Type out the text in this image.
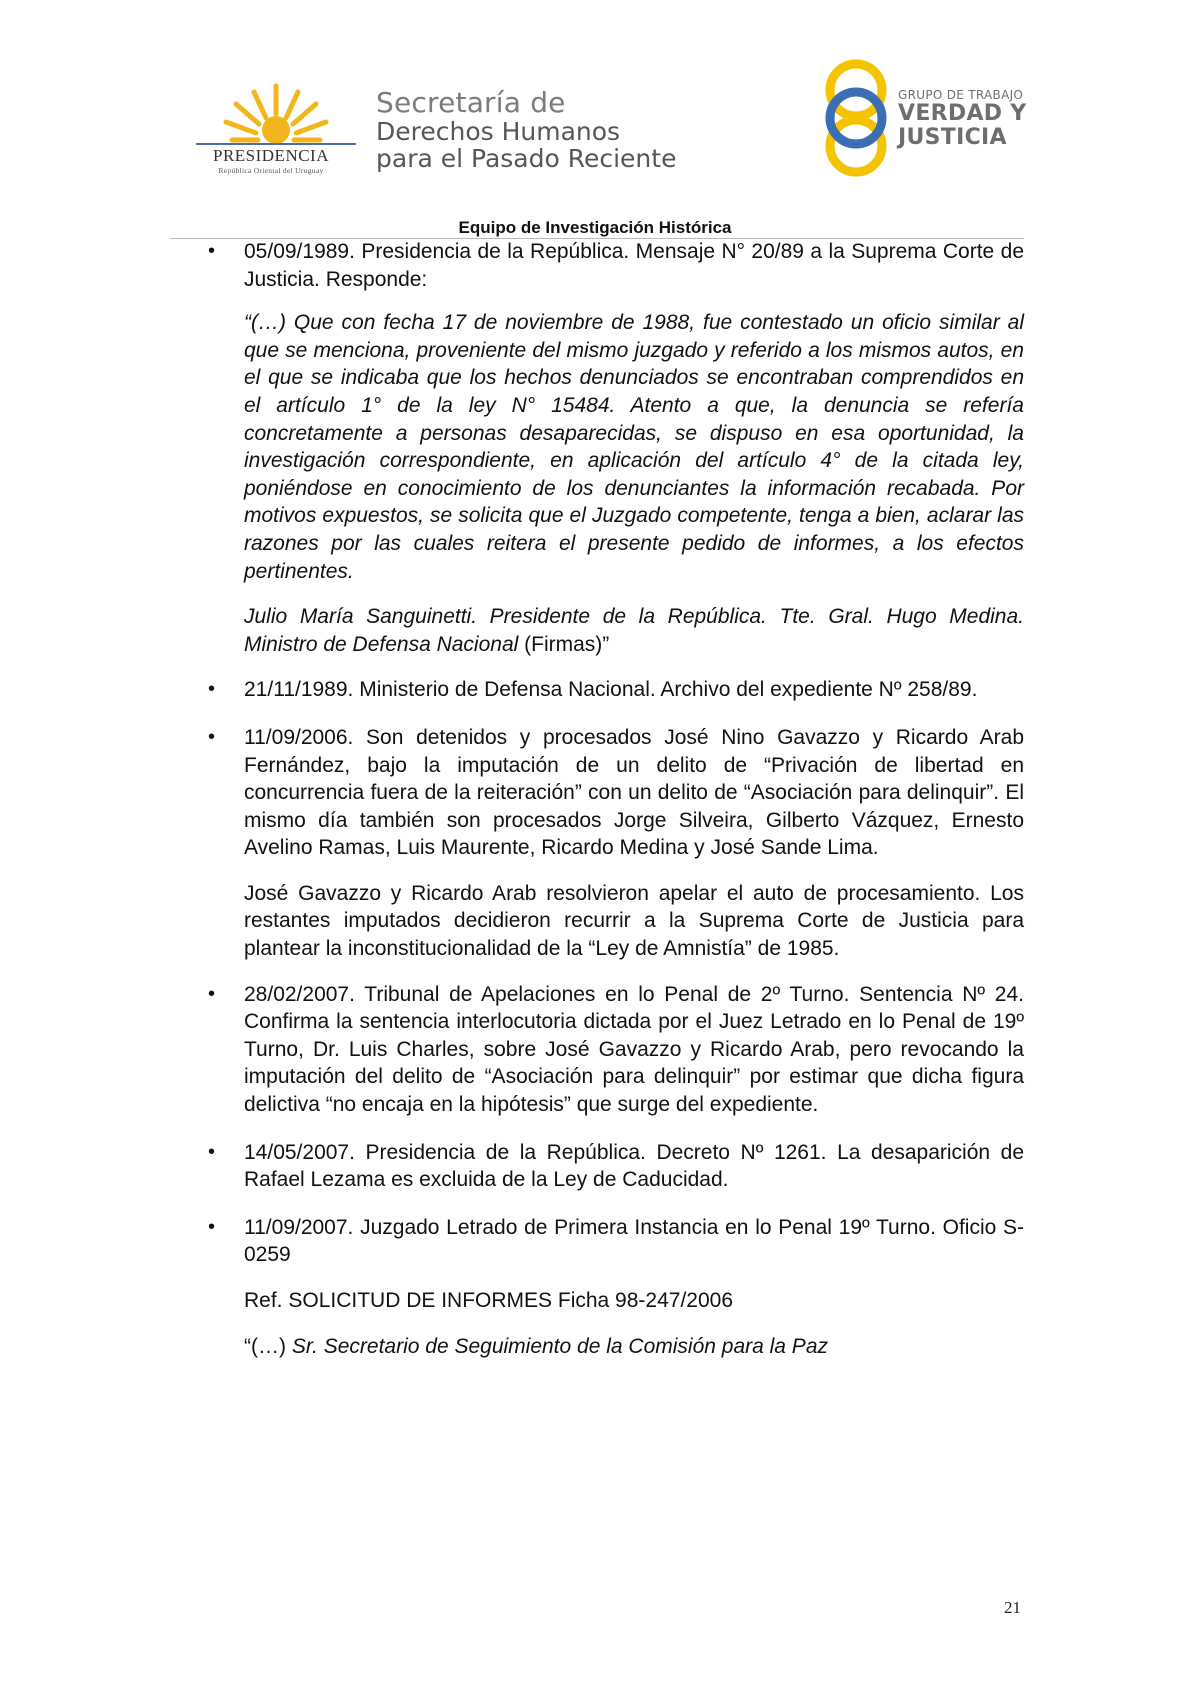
PRESIDENCIA
República Oriental del Uruguay
Secretaría de
Derechos Humanos
para el Pasado Reciente
GRUPO DE TRABAJO
VERDAD Y
JUSTICIA
Equipo de Investigación Histórica

• 05/09/1989. Presidencia de la República. Mensaje N° 20/89 a la Suprema Corte de Justicia. Responde:

“(…) Que con fecha 17 de noviembre de 1988, fue contestado un oficio similar al que se menciona, proveniente del mismo juzgado y referido a los mismos autos, en el que se indicaba que los hechos denunciados se encontraban comprendidos en el artículo 1° de la ley N° 15484. Atento a que, la denuncia se refería concretamente a personas desaparecidas, se dispuso en esa oportunidad, la investigación correspondiente, en aplicación del artículo 4° de la citada ley, poniéndose en conocimiento de los denunciantes la información recabada. Por motivos expuestos, se solicita que el Juzgado competente, tenga a bien, aclarar las razones por las cuales reitera el presente pedido de informes, a los efectos pertinentes.

Julio María Sanguinetti. Presidente de la República. Tte. Gral. Hugo Medina. Ministro de Defensa Nacional (Firmas)”

• 21/11/1989. Ministerio de Defensa Nacional. Archivo del expediente Nº 258/89.

• 11/09/2006. Son detenidos y procesados José Nino Gavazzo y Ricardo Arab Fernández, bajo la imputación de un delito de “Privación de libertad en concurrencia fuera de la reiteración” con un delito de “Asociación para delinquir”. El mismo día también son procesados Jorge Silveira, Gilberto Vázquez, Ernesto Avelino Ramas, Luis Maurente, Ricardo Medina y José Sande Lima.

José Gavazzo y Ricardo Arab resolvieron apelar el auto de procesamiento. Los restantes imputados decidieron recurrir a la Suprema Corte de Justicia para plantear la inconstitucionalidad de la “Ley de Amnistía” de 1985.

• 28/02/2007. Tribunal de Apelaciones en lo Penal de 2º Turno. Sentencia Nº 24. Confirma la sentencia interlocutoria dictada por el Juez Letrado en lo Penal de 19º Turno, Dr. Luis Charles, sobre José Gavazzo y Ricardo Arab, pero revocando la imputación del delito de “Asociación para delinquir” por estimar que dicha figura delictiva “no encaja en la hipótesis” que surge del expediente.

• 14/05/2007. Presidencia de la República. Decreto Nº 1261. La desaparición de Rafael Lezama es excluida de la Ley de Caducidad.

• 11/09/2007. Juzgado Letrado de Primera Instancia en lo Penal 19º Turno. Oficio S-0259

Ref. SOLICITUD DE INFORMES Ficha 98-247/2006

“(…) Sr. Secretario de Seguimiento de la Comisión para la Paz

21
